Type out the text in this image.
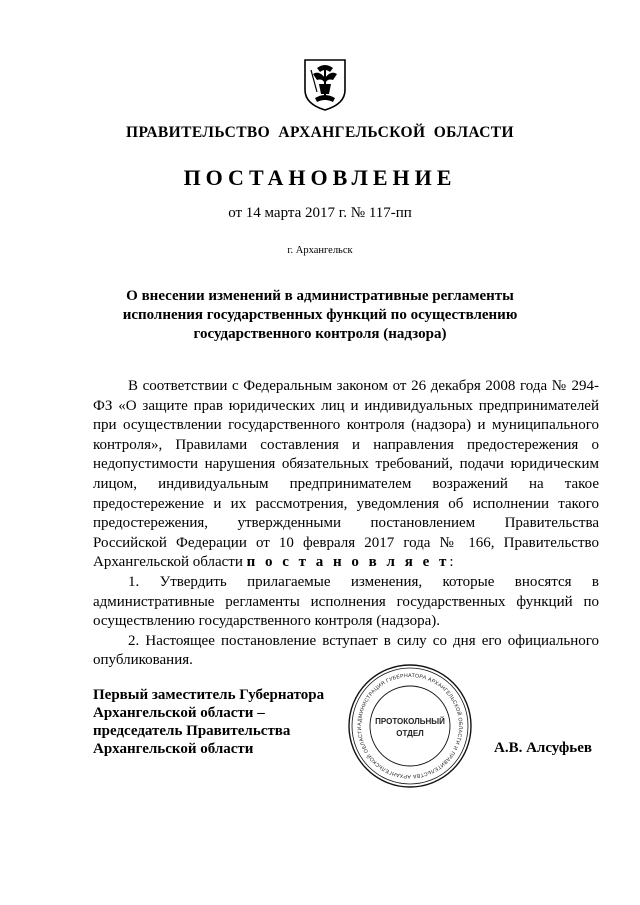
ПРАВИТЕЛЬСТВО АРХАНГЕЛЬСКОЙ ОБЛАСТИ
ПОСТАНОВЛЕНИЕ
от 14 марта 2017 г. № 117-пп
г. Архангельск
О внесении изменений в административные регламенты
исполнения государственных функций по осуществлению
государственного контроля (надзора)

В соответствии с Федеральным законом от 26 декабря 2008 года № 294-ФЗ «О защите прав юридических лиц и индивидуальных предпринимателей при осуществлении государственного контроля (надзора) и муниципального контроля», Правилами составления и направления предостережения о недопустимости нарушения обязательных требований, подачи юридическим лицом, индивидуальным предпринимателем возражений на такое предостережение и их рассмотрения, уведомления об исполнении такого предостережения, утвержденными постановлением Правительства Российской Федерации от 10 февраля 2017 года № 166, Правительство Архангельской области п о с т а н о в л я е т:

1. Утвердить прилагаемые изменения, которые вносятся в административные регламенты исполнения государственных функций по осуществлению государственного контроля (надзора).

2. Настоящее постановление вступает в силу со дня его официального опубликования.

Первый заместитель Губернатора
Архангельской области –
председатель Правительства
Архангельской области
АДМИНИСТРАЦИЯ ГУБЕРНАТОРА АРХАНГЕЛЬСКОЙ ОБЛАСТИ И ПРАВИТЕЛЬСТВА АРХАНГЕЛЬСКОЙ ОБЛАСТИ
ПРОТОКОЛЬНЫЙ
ОТДЕЛ
А.В. Алсуфьев
